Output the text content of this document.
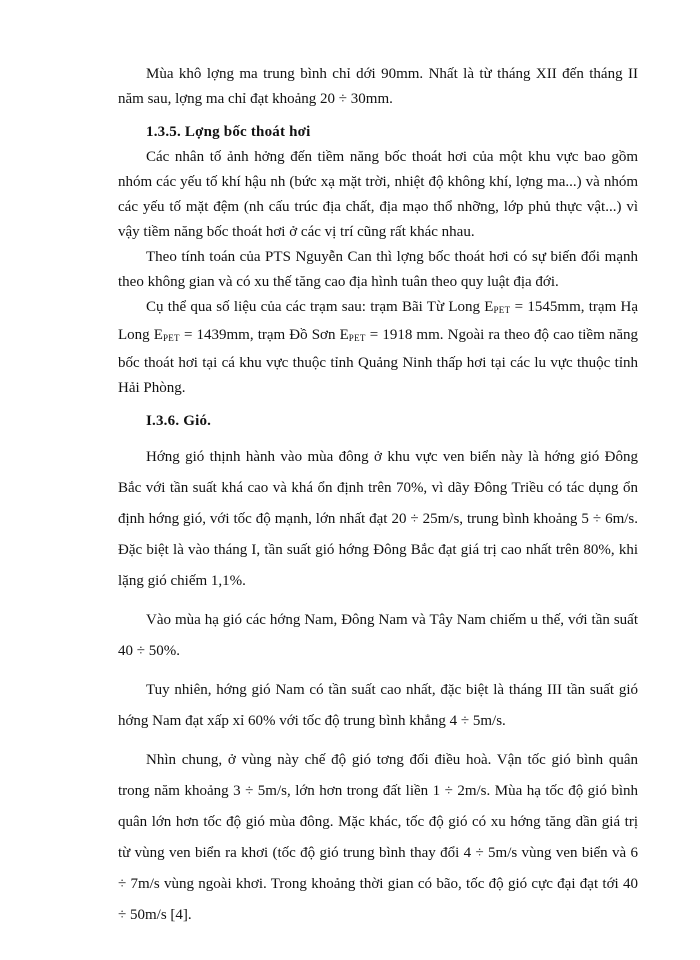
Mùa khô lợng ma trung bình chỉ dới 90mm. Nhất là từ tháng XII đến tháng II năm sau, lợng ma chỉ đạt khoảng 20 ÷ 30mm.

1.3.5. Lợng bốc thoát hơi

Các nhân tố ảnh hởng đến tiềm năng bốc thoát hơi của một khu vực bao gồm nhóm các yếu tố khí hậu nh (bức xạ mặt trời, nhiệt độ không khí, lợng ma...) và nhóm các yếu tố mặt đệm (nh cấu trúc địa chất, địa mạo thổ nhỡng, lớp phủ thực vật...) vì vậy tiềm năng bốc thoát hơi ở các vị trí cũng rất khác nhau.

Theo tính toán của PTS Nguyễn Can thì lợng bốc thoát hơi có sự biến đổi mạnh theo không gian và có xu thế tăng cao địa hình tuân theo quy luật địa đới.

Cụ thể qua số liệu của các trạm sau: trạm Bãi Từ Long $E_{PET} = 1545mm$, trạm Hạ Long $E_{PET} = 1439mm$, trạm Đồ Sơn $E_{PET} = 1918$ mm. Ngoài ra theo độ cao tiềm năng bốc thoát hơi tại cá khu vực thuộc tỉnh Quảng Ninh thấp hơi tại các lu vực thuộc tỉnh Hải Phòng.

I.3.6. Gió.

Hớng gió thịnh hành vào mùa đông ở khu vực ven biển này là hớng gió Đông Bắc với tần suất khá cao và khá ổn định trên 70%, vì dãy Đông Triều có tác dụng ổn định hớng gió, với tốc độ mạnh, lớn nhất đạt 20 ÷ 25m/s, trung bình khoảng 5 ÷ 6m/s. Đặc biệt là vào tháng I, tần suất gió hớng Đông Bắc đạt giá trị cao nhất trên 80%, khi lặng gió chiếm 1,1%.

Vào mùa hạ gió các hớng Nam, Đông Nam và Tây Nam chiếm u thế, với tần suất 40 ÷ 50%.

Tuy nhiên, hớng gió Nam có tần suất cao nhất, đặc biệt là tháng III tần suất gió hớng Nam đạt xấp xỉ 60% với tốc độ trung bình khẳng 4 ÷ 5m/s.

Nhìn chung, ở vùng này chế độ gió tơng đối điều hoà. Vận tốc gió bình quân trong năm khoảng 3 ÷ 5m/s, lớn hơn trong đất liền 1 ÷ 2m/s. Mùa hạ tốc độ gió bình quân lớn hơn tốc độ gió mùa đông. Mặc khác, tốc độ gió có xu hớng tăng dần giá trị từ vùng ven biển ra khơi (tốc độ gió trung bình thay đổi 4 ÷ 5m/s vùng ven biển và 6 ÷ 7m/s vùng ngoài khơi. Trong khoảng thời gian có bão, tốc độ gió cực đại đạt tới 40 ÷ 50m/s [4].
